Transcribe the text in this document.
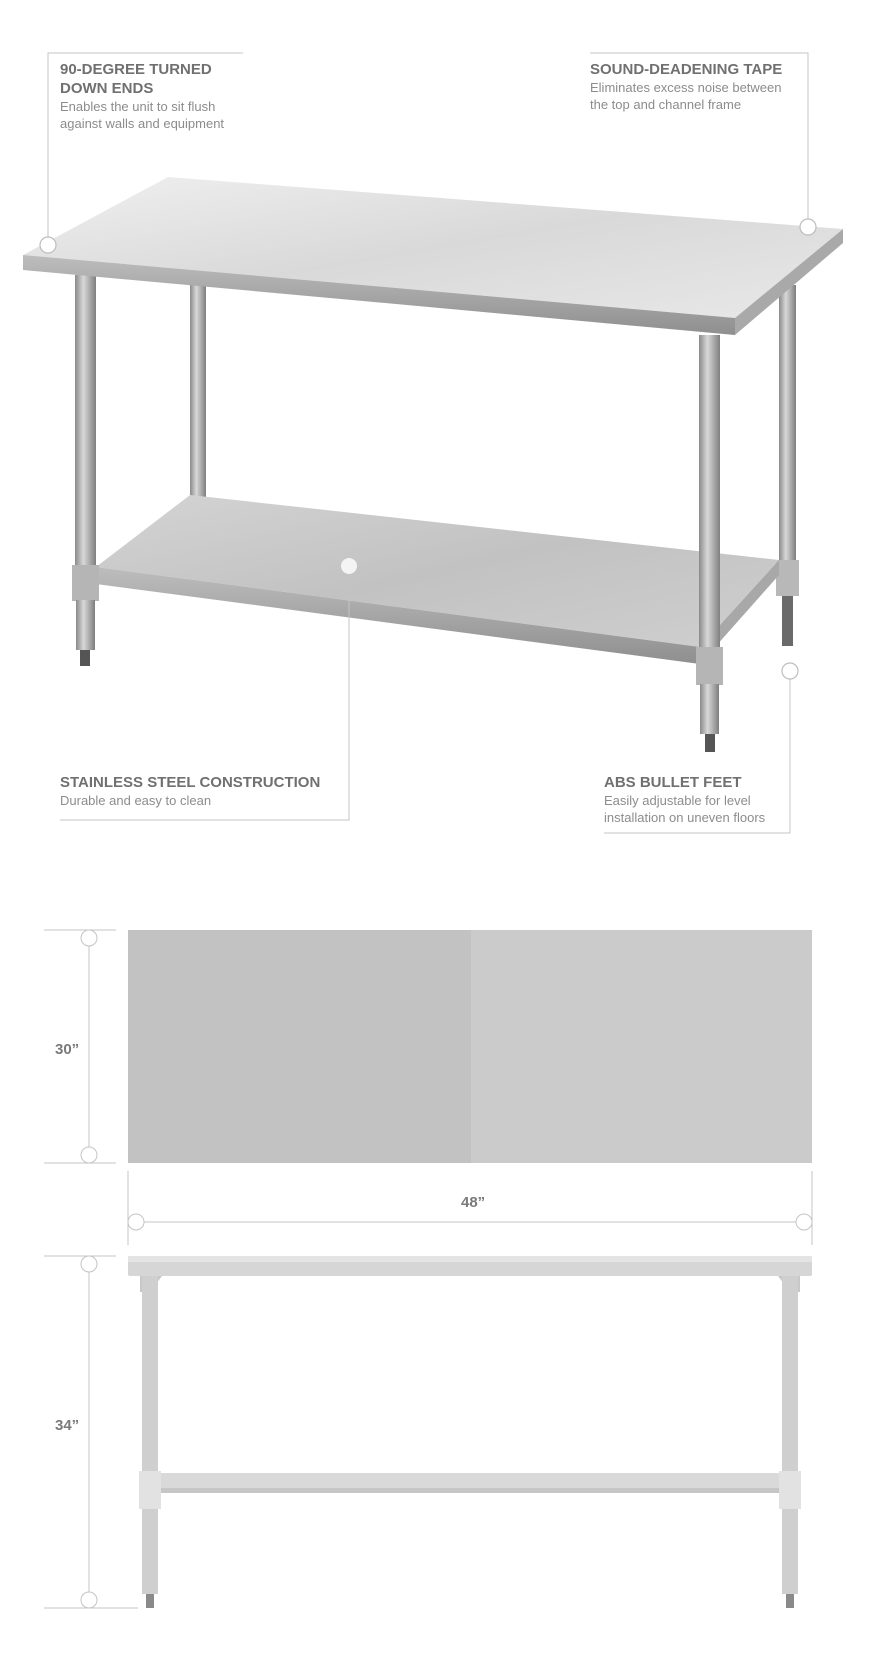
90-DEGREE TURNED
DOWN ENDS
Enables the unit to sit flush
against walls and equipment
SOUND-DEADENING TAPE
Eliminates excess noise between
the top and channel frame
STAINLESS STEEL CONSTRUCTION
Durable and easy to clean
ABS BULLET FEET
Easily adjustable for level
installation on uneven floors
30”
48”
34”
